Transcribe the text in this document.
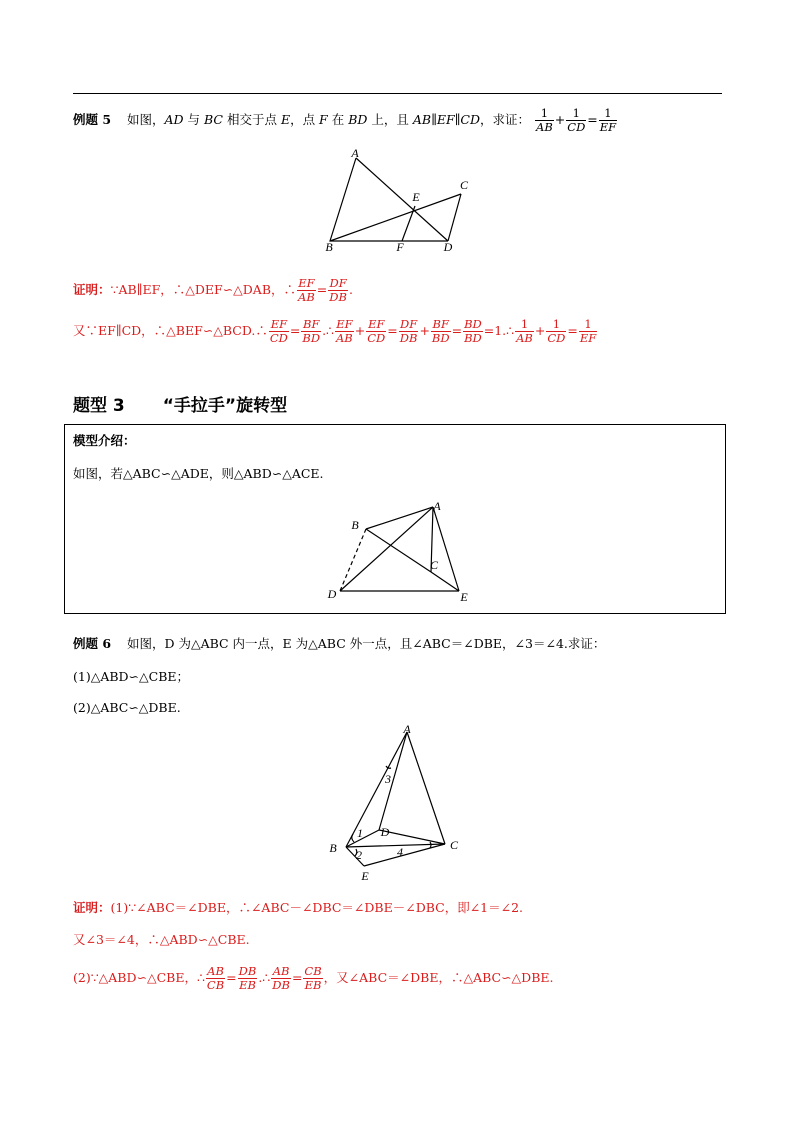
例题 5 如图，AD 与 BC 相交于点 E，点 F 在 BD 上，且 AB∥EF∥CD，求证： $\frac{1}{AB} + \frac{1}{CD} = \frac{1}{EF}$
A
B
C
D
E
F
证明：∵AB∥EF，∴△DEF∽△DAB，∴ $\frac{EF}{AB} = \frac{DF}{DB}$ .
又∵EF∥CD，∴△BEF∽△BCD.∴ $\frac{EF}{CD} = \frac{BF}{BD}$ .∴ $\frac{EF}{AB} + \frac{EF}{CD} = \frac{DF}{DB} + \frac{BF}{BD} = \frac{BD}{BD}$ =1.∴ $\frac{1}{AB} + \frac{1}{CD} = \frac{1}{EF}$
题型 3 “手拉手”旋转型
模型介绍：
如图，若△ABC∽△ADE，则△ABD∽△ACE.
A
B
C
D	E
例题 6 如图，D 为△ABC 内一点，E 为△ABC 外一点，且∠ABC＝∠DBE，∠3＝∠4.求证：
(1)△ABD∽△CBE；
(2)△ABC∽△DBE.
A
B	C
D
E
1
2
3
4
证明：(1)∵∠ABC＝∠DBE，∴∠ABC－∠DBC＝∠DBE－∠DBC，即∠1＝∠2.
又∠3＝∠4，∴△ABD∽△CBE.
(2)∵△ABD∽△CBE，∴ $\frac{AB}{CB} = \frac{DB}{EB}$ .∴ $\frac{AB}{DB} = \frac{CB}{EB}$ ，又∠ABC＝∠DBE，∴△ABC∽△DBE.
